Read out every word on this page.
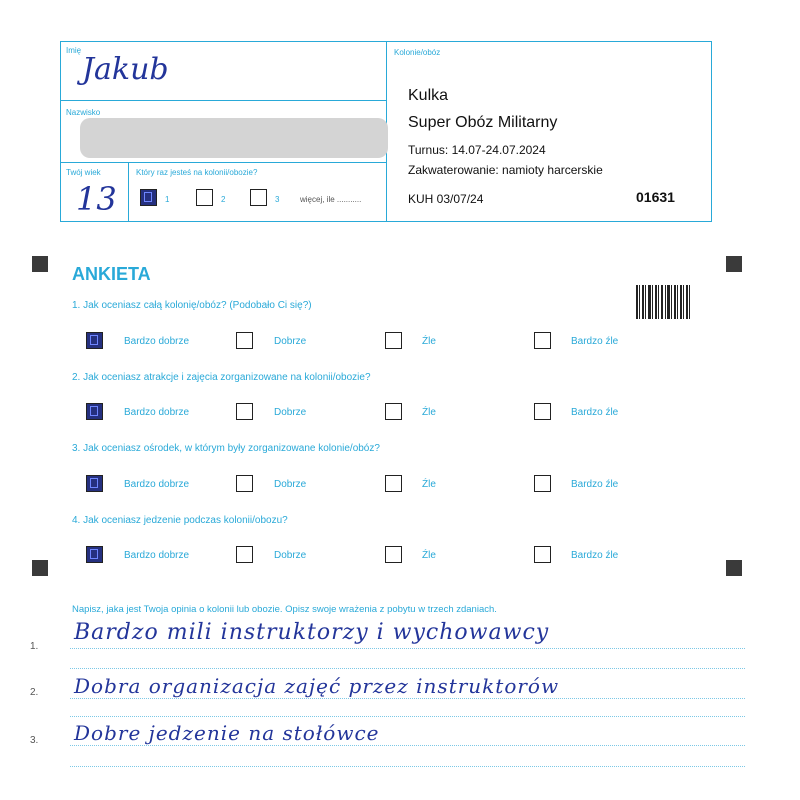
Imię
Jakub
Nazwisko
Twój wiek
13
Który raz jesteś na kolonii/obozie?
1	2	3	więcej, ile ...........
Kolonie/obóz
Kulka
Super Obóz Militarny
Turnus: 14.07-24.07.2024
Zakwaterowanie: namioty harcerskie
KUH 03/07/24	01631
ANKIETA
1. Jak oceniasz całą kolonię/obóz? (Podobało Ci się?)
Bardzo dobrze	Dobrze	Źle	Bardzo źle
2. Jak oceniasz atrakcje i zajęcia zorganizowane na kolonii/obozie?
Bardzo dobrze	Dobrze	Źle	Bardzo źle
3. Jak oceniasz ośrodek, w którym były zorganizowane kolonie/obóz?
Bardzo dobrze	Dobrze	Źle	Bardzo źle
4. Jak oceniasz jedzenie podczas kolonii/obozu?
Bardzo dobrze	Dobrze	Źle	Bardzo źle
Napisz, jaka jest Twoja opinia o kolonii lub obozie. Opisz swoje wrażenia z pobytu w trzech zdaniach.
1.
Bardzo mili instruktorzy i wychowawcy
2. Dobra organizacja zajęć przez instruktorów
3. Dobre jedzenie na stołówce
